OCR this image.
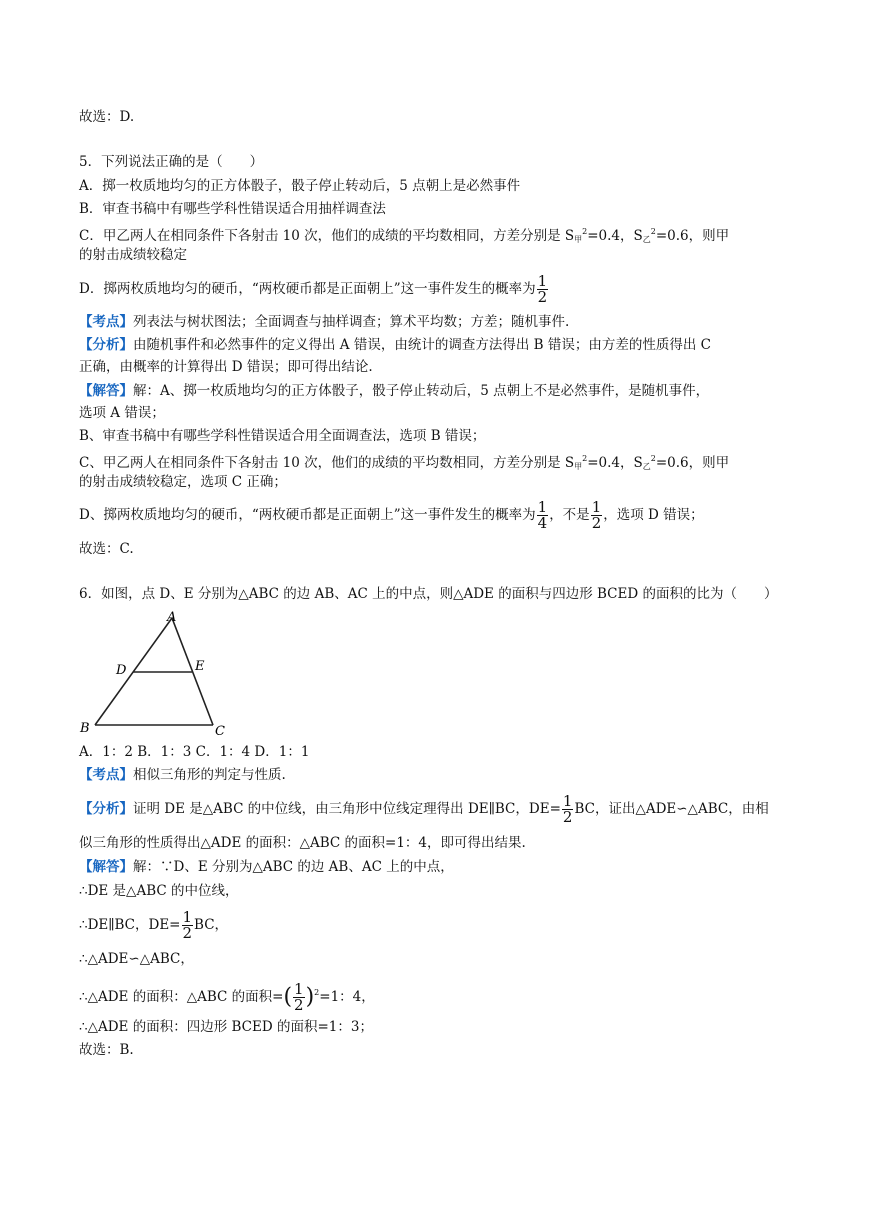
故选：D.
5．下列说法正确的是（　　）
A．掷一枚质地均匀的正方体骰子，骰子停止转动后，5 点朝上是必然事件
B．审查书稿中有哪些学科性错误适合用抽样调查法
C．甲乙两人在相同条件下各射击 10 次，他们的成绩的平均数相同，方差分别是 $S_甲^2=0.4$，$S_乙^2=0.6$，则甲
的射击成绩较稳定
D．掷两枚质地均匀的硬币，“两枚硬币都是正面朝上”这一事件发生的概率为 $\frac{1}{2}$
【考点】列表法与树状图法；全面调查与抽样调查；算术平均数；方差；随机事件.
【分析】由随机事件和必然事件的定义得出 A 错误，由统计的调查方法得出 B 错误；由方差的性质得出 C
正确，由概率的计算得出 D 错误；即可得出结论.
【解答】解：A、掷一枚质地均匀的正方体骰子，骰子停止转动后，5 点朝上不是必然事件，是随机事件，
选项 A 错误；
B、审查书稿中有哪些学科性错误适合用全面调查法，选项 B 错误；
C、甲乙两人在相同条件下各射击 10 次，他们的成绩的平均数相同，方差分别是 $S_甲^2=0.4$，$S_乙^2=0.6$，则甲
的射击成绩较稳定，选项 C 正确；
D、掷两枚质地均匀的硬币，“两枚硬币都是正面朝上”这一事件发生的概率为 $\frac{1}{4}$ ，不是 $\frac{1}{2}$ ，选项 D 错误；
故选：C.
6．如图，点 D、E 分别为△ABC 的边 AB、AC 上的中点，则△ADE 的面积与四边形 BCED 的面积的比为（　　）
A
D	E
B	C
A．1：2 B．1：3 C．1：4 D．1：1
【考点】相似三角形的判定与性质.
【分析】证明 DE 是△ABC 的中位线，由三角形中位线定理得出 DE∥BC，$DE= \frac{1}{2}$ BC，证出△ADE∽△ABC，由相
似三角形的性质得出△ADE 的面积：△ABC 的面积=1：4，即可得出结果.
【解答】解：∵D、E 分别为△ABC 的边 AB、AC 上的中点，
∴DE 是△ABC 的中位线，
∴DE∥BC，$DE= \frac{1}{2}$ BC，
∴△ADE∽△ABC，
∴△ADE 的面积：△ABC 的面积=( $\frac{1}{2} )^2=1$：4，
∴△ADE 的面积：四边形 BCED 的面积=1：3；
故选：B.
